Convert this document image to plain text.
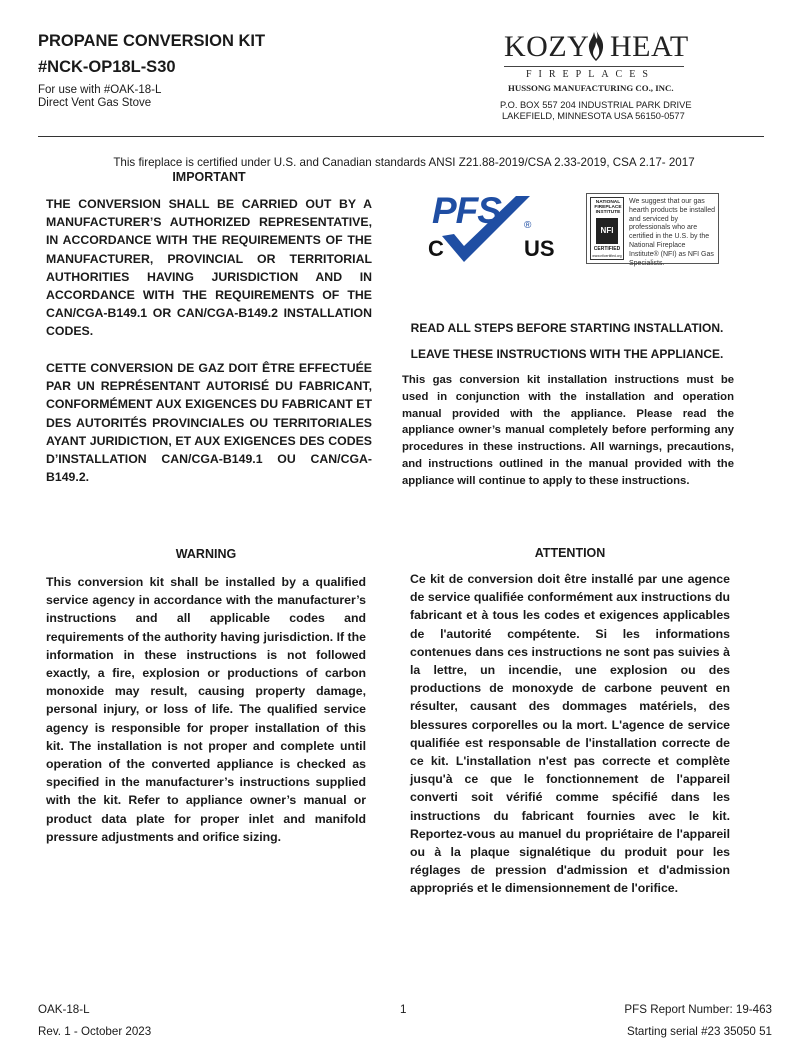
PROPANE CONVERSION KIT
#NCK-OP18L-S30
For use with #OAK-18-L
Direct Vent Gas Stove
KOZY HEAT
FIREPLACES
HUSSONG MANUFACTURING CO., INC.
P.O. BOX 557 204 INDUSTRIAL PARK DRIVE
LAKEFIELD, MINNESOTA USA 56150-0577
This fireplace is certified under U.S. and Canadian standards ANSI Z21.88-2019/CSA 2.33-2019, CSA 2.17- 2017
IMPORTANT
THE CONVERSION SHALL BE CARRIED OUT BY A MANUFACTURER’S AUTHORIZED REPRESENTATIVE, IN ACCORDANCE WITH THE REQUIREMENTS OF THE MANUFACTURER, PROVINCIAL OR TERRITORIAL AUTHORITIES HAVING JURISDICTION AND IN ACCORDANCE WITH THE REQUIREMENTS OF THE CAN/CGA-B149.1 OR CAN/CGA-B149.2 INSTALLATION CODES.
CETTE CONVERSION DE GAZ DOIT ÊTRE EFFECTUÉE PAR UN REPRÉSENTANT AUTORISÉ DU FABRICANT, CONFORMÉMENT AUX EXIGENCES DU FABRICANT ET DES AUTORITÉS PROVINCIALES OU TERRITORIALES AYANT JURIDICTION, ET AUX EXIGENCES DES CODES D’INSTALLATION CAN/CGA-B149.1 OU CAN/CGA-B149.2.
PFS ®
C	US
NATIONAL
FIREPLACE
INSTITUTE
NFI
CERTIFIED
www.nficertified.org
We suggest that our gas hearth products be installed and serviced by professionals who are certified in the U.S. by the National Fireplace Institute® (NFI) as NFI Gas Specialists.
READ ALL STEPS BEFORE STARTING INSTALLATION.
LEAVE THESE INSTRUCTIONS WITH THE APPLIANCE.
This gas conversion kit installation instructions must be used in conjunction with the installation and operation manual provided with the appliance. Please read the appliance owner’s manual completely before performing any procedures in these instructions. All warnings, precautions, and instructions outlined in the manual provided with the appliance will continue to apply to these instructions.
WARNING
This conversion kit shall be installed by a qualified service agency in accordance with the manufacturer’s instructions and all applicable codes and requirements of the authority having jurisdiction. If the information in these instructions is not followed exactly, a fire, explosion or productions of carbon monoxide may result, causing property damage, personal injury, or loss of life. The qualified service agency is responsible for proper installation of this kit. The installation is not proper and complete until operation of the converted appliance is checked as specified in the manufacturer’s instructions supplied with the kit. Refer to appliance owner’s manual or product data plate for proper inlet and manifold pressure adjustments and orifice sizing.
ATTENTION
Ce kit de conversion doit être installé par une agence de service qualifiée conformément aux instructions du fabricant et à tous les codes et exigences applicables de l'autorité compétente. Si les informations contenues dans ces instructions ne sont pas suivies à la lettre, un incendie, une explosion ou des productions de monoxyde de carbone peuvent en résulter, causant des dommages matériels, des blessures corporelles ou la mort. L'agence de service qualifiée est responsable de l'installation correcte de ce kit. L'installation n'est pas correcte et complète jusqu'à ce que le fonctionnement de l'appareil converti soit vérifié comme spécifié dans les instructions du fabricant fournies avec le kit. Reportez-vous au manuel du propriétaire de l'appareil ou à la plaque signalétique du produit pour les réglages de pression d'admission et d'admission appropriés et le dimensionnement de l'orifice.
OAK-18-L
Rev. 1 - October 2023
1	PFS Report Number: 19-463
Starting serial #23 35050 51
